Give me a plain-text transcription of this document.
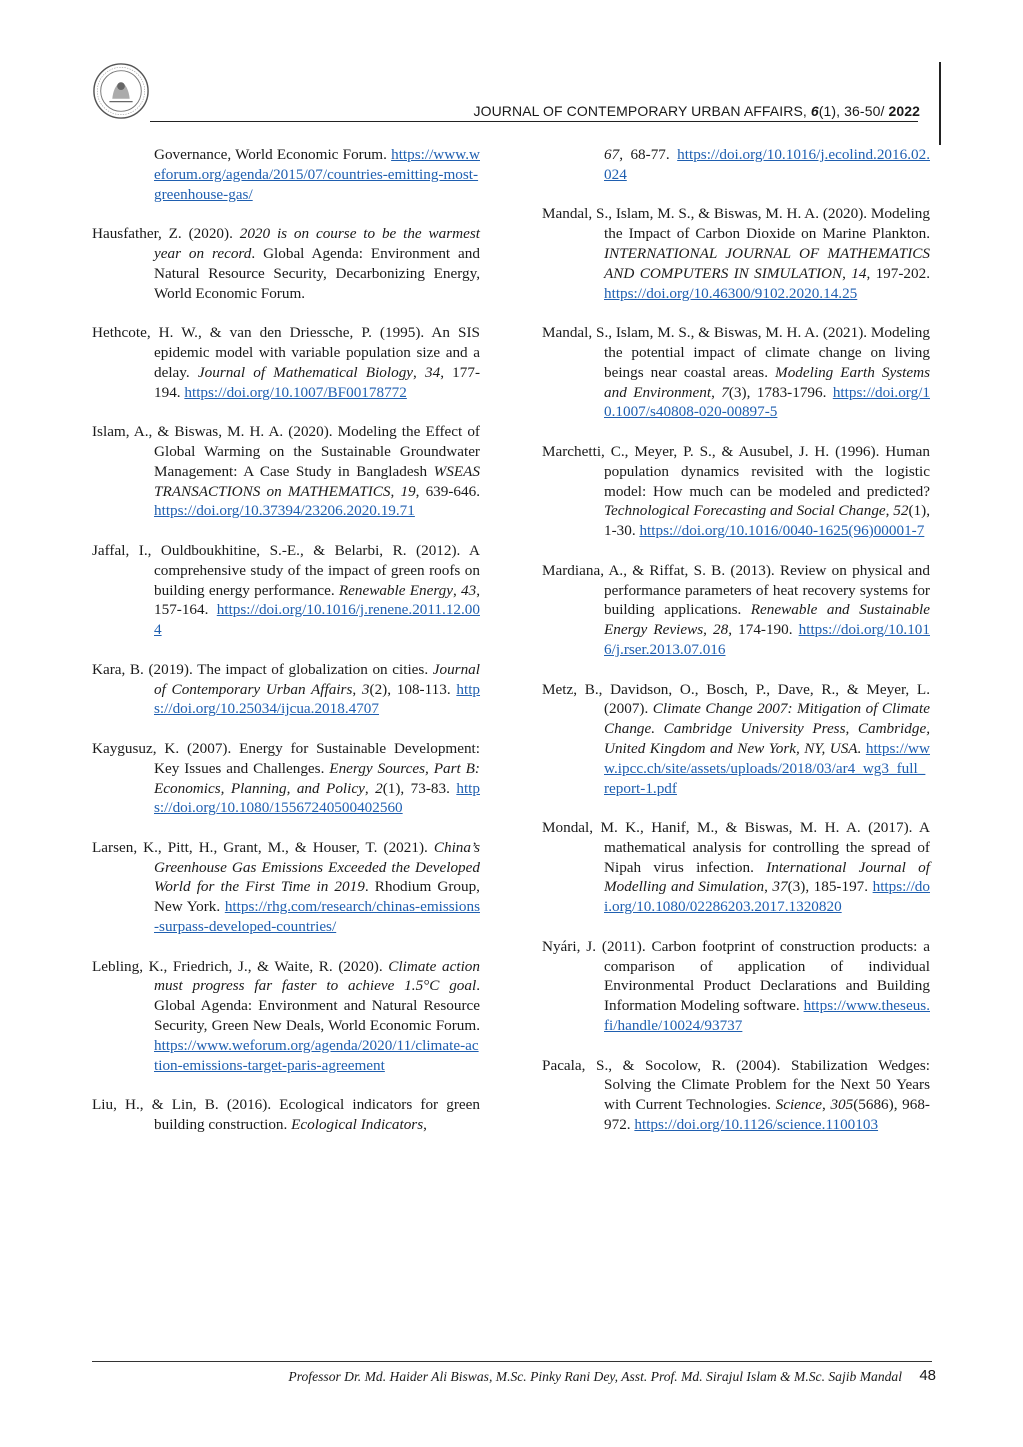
JOURNAL OF CONTEMPORARY URBAN AFFAIRS, 6(1), 36-50/ 2022

Governance, World Economic Forum. https://www.weforum.org/agenda/2015/07/countries-emitting-most-greenhouse-gas/

Hausfather, Z. (2020). 2020 is on course to be the warmest year on record. Global Agenda: Environment and Natural Resource Security, Decarbonizing Energy, World Economic Forum.

Hethcote, H. W., & van den Driessche, P. (1995). An SIS epidemic model with variable population size and a delay. Journal of Mathematical Biology, 34, 177-194. https://doi.org/10.1007/BF00178772

Islam, A., & Biswas, M. H. A. (2020). Modeling the Effect of Global Warming on the Sustainable Groundwater Management: A Case Study in Bangladesh WSEAS TRANSACTIONS on MATHEMATICS, 19, 639-646. https://doi.org/10.37394/23206.2020.19.71

Jaffal, I., Ouldboukhitine, S.-E., & Belarbi, R. (2012). A comprehensive study of the impact of green roofs on building energy performance. Renewable Energy, 43, 157-164. https://doi.org/10.1016/j.renene.2011.12.004

Kara, B. (2019). The impact of globalization on cities. Journal of Contemporary Urban Affairs, 3(2), 108-113. https://doi.org/10.25034/ijcua.2018.4707

Kaygusuz, K. (2007). Energy for Sustainable Development: Key Issues and Challenges. Energy Sources, Part B: Economics, Planning, and Policy, 2(1), 73-83. https://doi.org/10.1080/15567240500402560

Larsen, K., Pitt, H., Grant, M., & Houser, T. (2021). China’s Greenhouse Gas Emissions Exceeded the Developed World for the First Time in 2019. Rhodium Group, New York. https://rhg.com/research/chinas-emissions-surpass-developed-countries/

Lebling, K., Friedrich, J., & Waite, R. (2020). Climate action must progress far faster to achieve 1.5°C goal. Global Agenda: Environment and Natural Resource Security, Green New Deals, World Economic Forum. https://www.weforum.org/agenda/2020/11/climate-action-emissions-target-paris-agreement

Liu, H., & Lin, B. (2016). Ecological indicators for green building construction. Ecological Indicators,

67, 68-77. https://doi.org/10.1016/j.ecolind.2016.02.024

Mandal, S., Islam, M. S., & Biswas, M. H. A. (2020). Modeling the Impact of Carbon Dioxide on Marine Plankton. INTERNATIONAL JOURNAL OF MATHEMATICS AND COMPUTERS IN SIMULATION, 14, 197-202. https://doi.org/10.46300/9102.2020.14.25

Mandal, S., Islam, M. S., & Biswas, M. H. A. (2021). Modeling the potential impact of climate change on living beings near coastal areas. Modeling Earth Systems and Environment, 7(3), 1783-1796. https://doi.org/10.1007/s40808-020-00897-5

Marchetti, C., Meyer, P. S., & Ausubel, J. H. (1996). Human population dynamics revisited with the logistic model: How much can be modeled and predicted? Technological Forecasting and Social Change, 52(1), 1-30. https://doi.org/10.1016/0040-1625(96)00001-7

Mardiana, A., & Riffat, S. B. (2013). Review on physical and performance parameters of heat recovery systems for building applications. Renewable and Sustainable Energy Reviews, 28, 174-190. https://doi.org/10.1016/j.rser.2013.07.016

Metz, B., Davidson, O., Bosch, P., Dave, R., & Meyer, L. (2007). Climate Change 2007: Mitigation of Climate Change. Cambridge University Press, Cambridge, United Kingdom and New York, NY, USA. https://www.ipcc.ch/site/assets/uploads/2018/03/ar4_wg3_full_report-1.pdf

Mondal, M. K., Hanif, M., & Biswas, M. H. A. (2017). A mathematical analysis for controlling the spread of Nipah virus infection. International Journal of Modelling and Simulation, 37(3), 185-197. https://doi.org/10.1080/02286203.2017.1320820

Nyári, J. (2011). Carbon footprint of construction products: a comparison of application of individual Environmental Product Declarations and Building Information Modeling software. https://www.theseus.fi/handle/10024/93737

Pacala, S., & Socolow, R. (2004). Stabilization Wedges: Solving the Climate Problem for the Next 50 Years with Current Technologies. Science, 305(5686), 968-972. https://doi.org/10.1126/science.1100103

Professor Dr. Md. Haider Ali Biswas, M.Sc. Pinky Rani Dey, Asst. Prof. Md. Sirajul Islam & M.Sc. Sajib Mandal	48
